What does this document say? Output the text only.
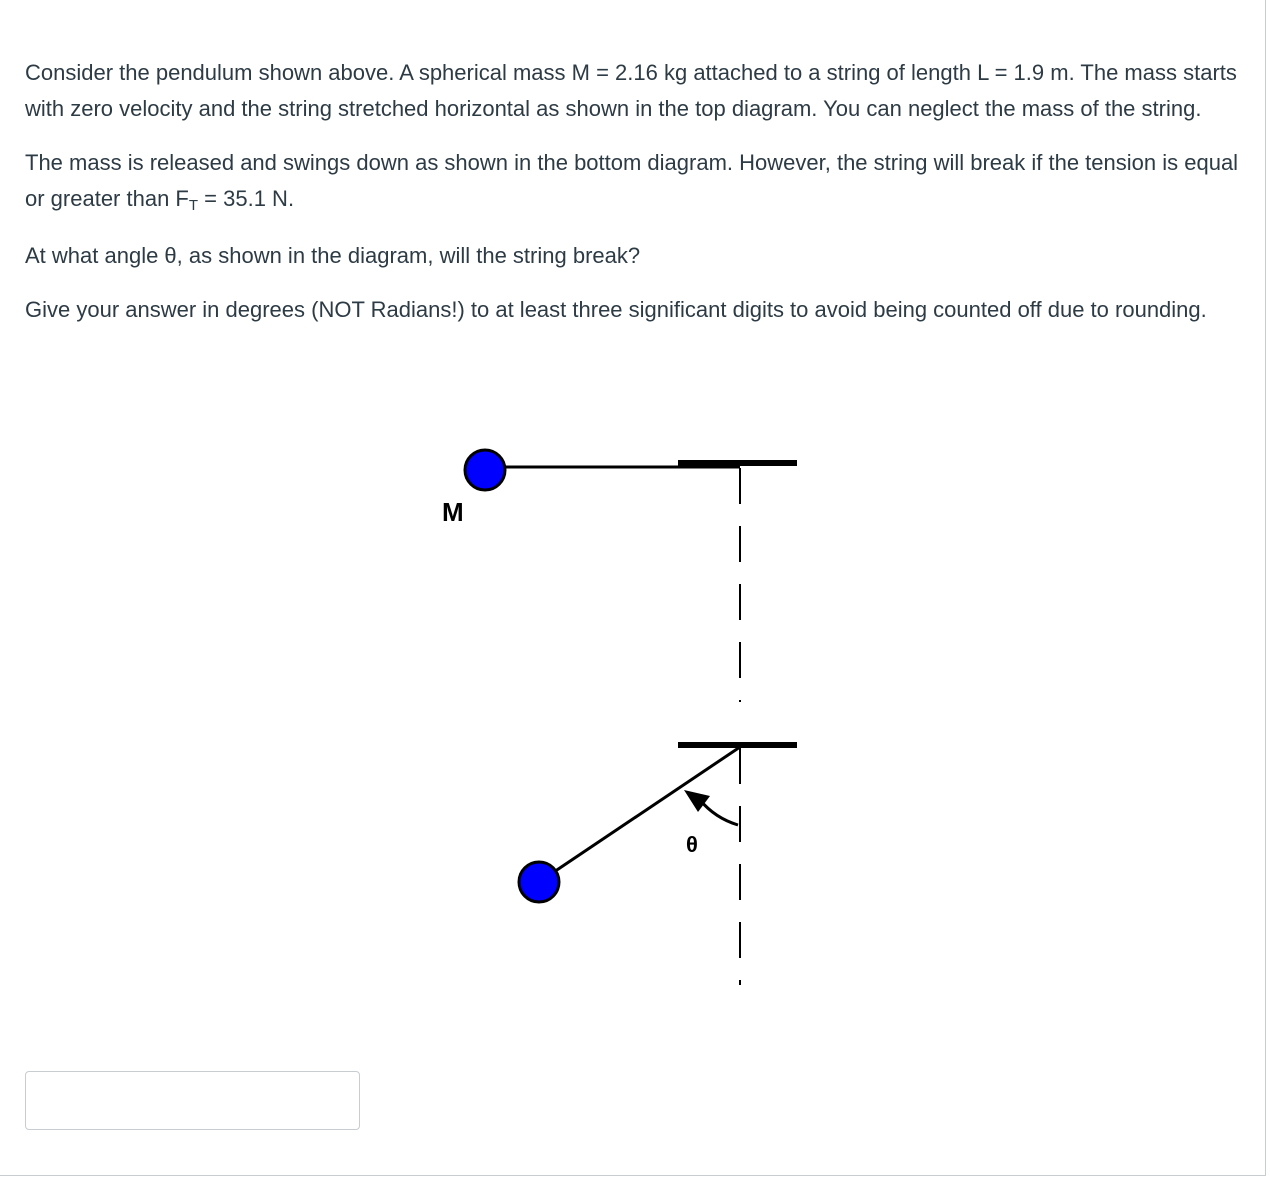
Consider the pendulum shown above. A spherical mass M = 2.16 kg attached to a string of length L = 1.9 m. The mass starts with zero velocity and the string stretched horizontal as shown in the top diagram. You can neglect the mass of the string.

The mass is released and swings down as shown in the bottom diagram. However, the string will break if the tension is equal or greater than FT = 35.1 N.

At what angle θ, as shown in the diagram, will the string break?

Give your answer in degrees (NOT Radians!) to at least three significant digits to avoid being counted off due to rounding.

M
θ
